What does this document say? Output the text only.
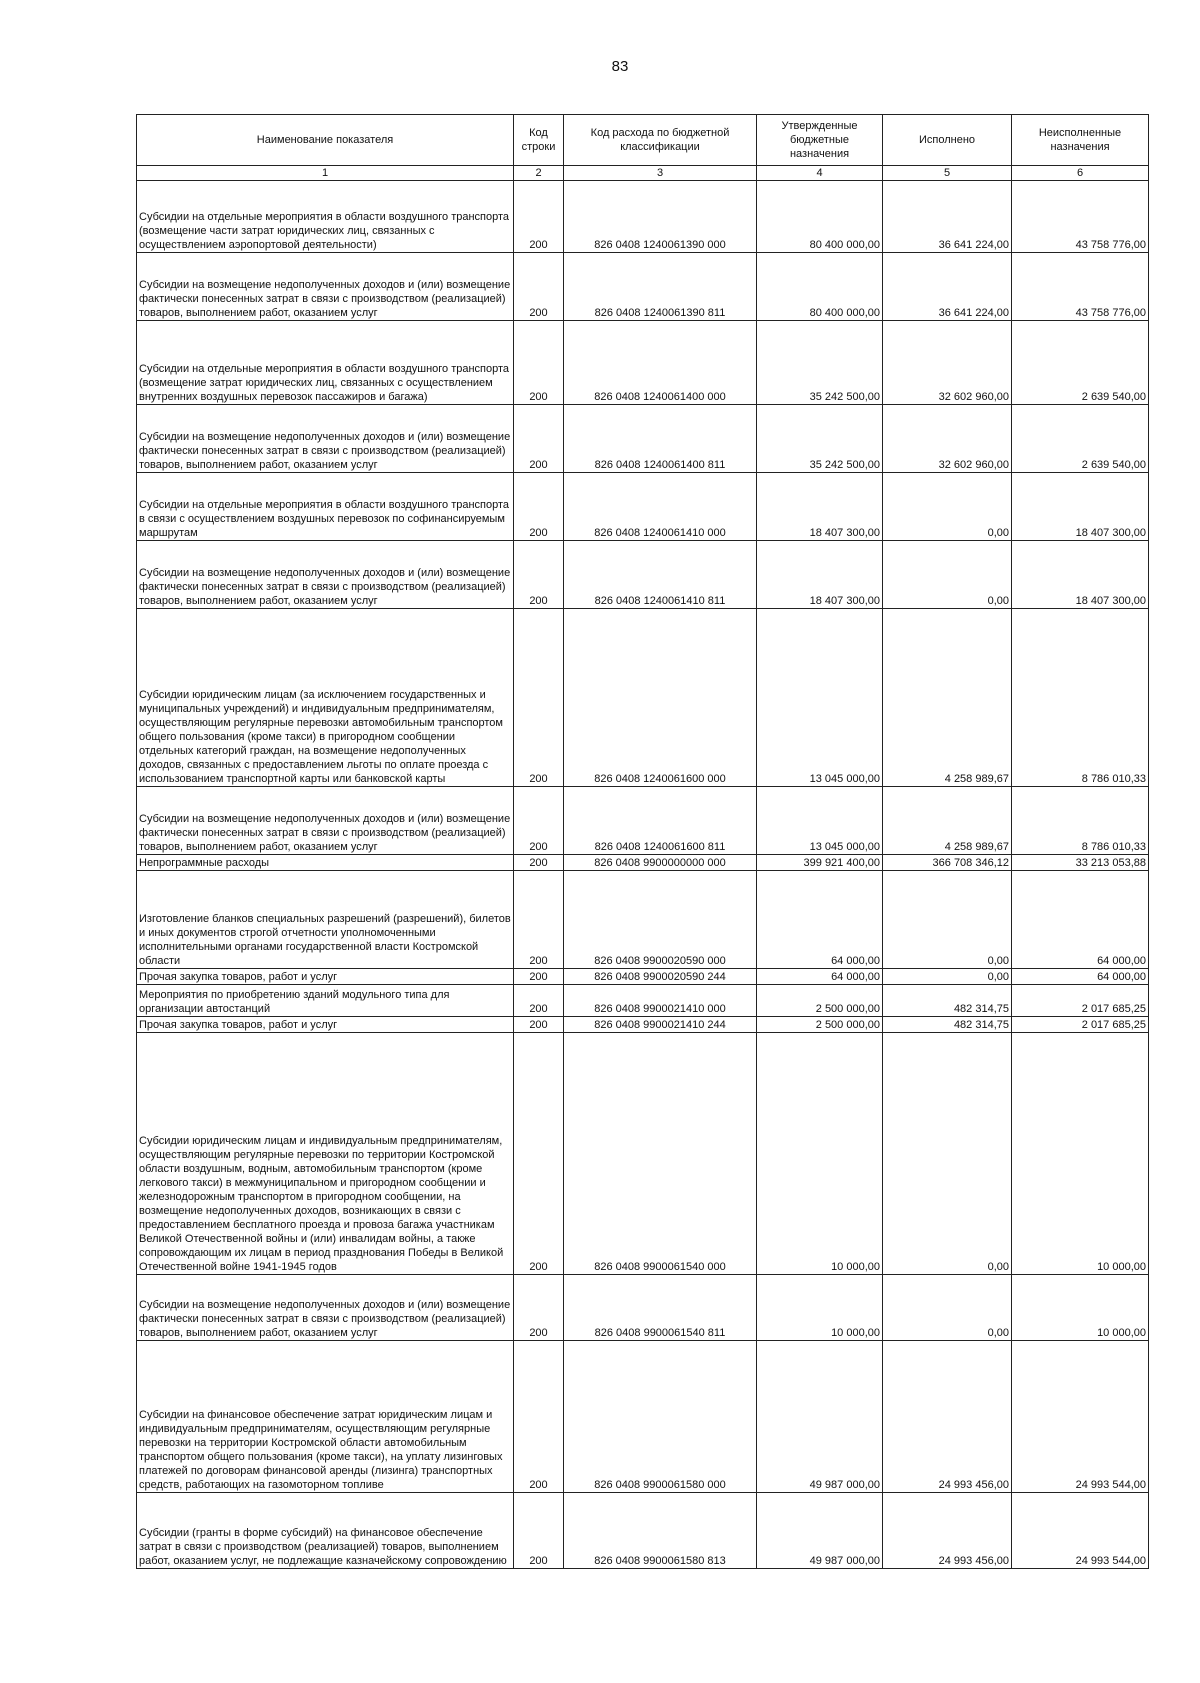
83
Наименование показателя	Код строки	Код расхода по бюджетной классификации	Утвержденные бюджетные назначения	Исполнено	Неисполненные назначения
1	2	3	4	5	6
Субсидии на отдельные мероприятия в области воздушного транспорта (возмещение части затрат юридических лиц, связанных с осуществлением аэропортовой деятельности)	200	826 0408 1240061390 000	80 400 000,00	36 641 224,00	43 758 776,00
Субсидии на возмещение недополученных доходов и (или) возмещение фактически понесенных затрат в связи с производством (реализацией) товаров, выполнением работ, оказанием услуг	200	826 0408 1240061390 811	80 400 000,00	36 641 224,00	43 758 776,00
Субсидии на отдельные мероприятия в области воздушного транспорта (возмещение затрат юридических лиц, связанных с осуществлением внутренних воздушных перевозок пассажиров и багажа)	200	826 0408 1240061400 000	35 242 500,00	32 602 960,00	2 639 540,00
Субсидии на возмещение недополученных доходов и (или) возмещение фактически понесенных затрат в связи с производством (реализацией) товаров, выполнением работ, оказанием услуг	200	826 0408 1240061400 811	35 242 500,00	32 602 960,00	2 639 540,00
Субсидии на отдельные мероприятия в области воздушного транспорта в связи с осуществлением воздушных перевозок по софинансируемым маршрутам	200	826 0408 1240061410 000	18 407 300,00	0,00	18 407 300,00
Субсидии на возмещение недополученных доходов и (или) возмещение фактически понесенных затрат в связи с производством (реализацией) товаров, выполнением работ, оказанием услуг	200	826 0408 1240061410 811	18 407 300,00	0,00	18 407 300,00
Субсидии юридическим лицам (за исключением государственных и муниципальных учреждений) и индивидуальным предпринимателям, осуществляющим регулярные перевозки автомобильным транспортом общего пользования (кроме такси) в пригородном сообщении отдельных категорий граждан, на возмещение недополученных доходов, связанных с предоставлением льготы по оплате проезда с использованием транспортной карты или банковской карты	200	826 0408 1240061600 000	13 045 000,00	4 258 989,67	8 786 010,33
Субсидии на возмещение недополученных доходов и (или) возмещение фактически понесенных затрат в связи с производством (реализацией) товаров, выполнением работ, оказанием услуг	200	826 0408 1240061600 811	13 045 000,00	4 258 989,67	8 786 010,33
Непрограммные расходы	200	826 0408 9900000000 000	399 921 400,00	366 708 346,12	33 213 053,88
Изготовление бланков специальных разрешений (разрешений), билетов и иных документов строгой отчетности уполномоченными исполнительными органами государственной власти Костромской области	200	826 0408 9900020590 000	64 000,00	0,00	64 000,00
Прочая закупка товаров, работ и услуг	200	826 0408 9900020590 244	64 000,00	0,00	64 000,00
Мероприятия по приобретению зданий модульного типа для организации автостанций	200	826 0408 9900021410 000	2 500 000,00	482 314,75	2 017 685,25
Прочая закупка товаров, работ и услуг	200	826 0408 9900021410 244	2 500 000,00	482 314,75	2 017 685,25
Субсидии юридическим лицам и индивидуальным предпринимателям, осуществляющим регулярные перевозки по территории Костромской области воздушным, водным, автомобильным транспортом (кроме легкового такси) в межмуниципальном и пригородном сообщении и железнодорожным транспортом в пригородном сообщении, на возмещение недополученных доходов, возникающих в связи с предоставлением бесплатного проезда и провоза багажа участникам Великой Отечественной войны и (или) инвалидам войны, а также сопровождающим их лицам в период празднования Победы в Великой Отечественной войне 1941-1945 годов	200	826 0408 9900061540 000	10 000,00	0,00	10 000,00
Субсидии на возмещение недополученных доходов и (или) возмещение фактически понесенных затрат в связи с производством (реализацией) товаров, выполнением работ, оказанием услуг	200	826 0408 9900061540 811	10 000,00	0,00	10 000,00
Субсидии на финансовое обеспечение затрат юридическим лицам и индивидуальным предпринимателям, осуществляющим регулярные перевозки на территории Костромской области автомобильным транспортом общего пользования (кроме такси), на уплату лизинговых платежей по договорам финансовой аренды (лизинга) транспортных средств, работающих на газомоторном топливе	200	826 0408 9900061580 000	49 987 000,00	24 993 456,00	24 993 544,00
Субсидии (гранты в форме субсидий) на финансовое обеспечение затрат в связи с производством (реализацией) товаров, выполнением работ, оказанием услуг, не подлежащие казначейскому сопровождению	200	826 0408 9900061580 813	49 987 000,00	24 993 456,00	24 993 544,00
